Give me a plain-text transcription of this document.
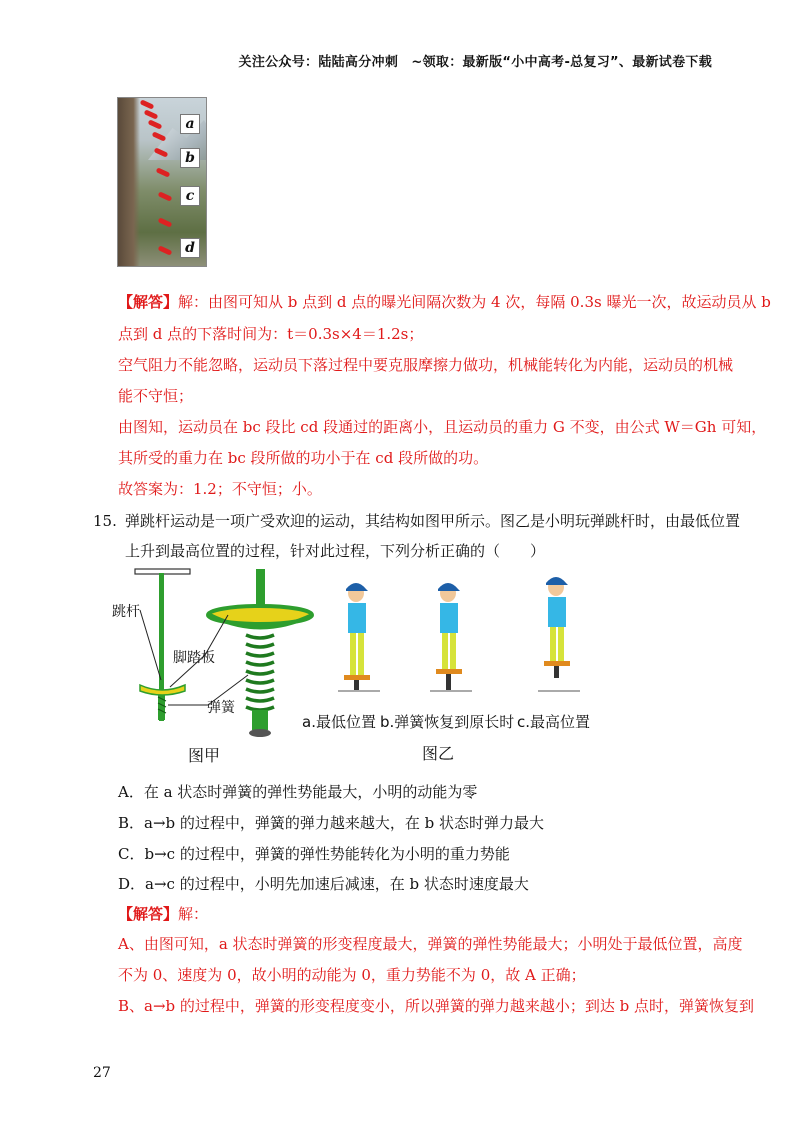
关注公众号：陆陆高分冲刺　~领取：最新版“小中高考-总复习”、最新试卷下载
a
b
c
d
【解答】解：由图可知从 b 点到 d 点的曝光间隔次数为 4 次，每隔 0.3s 曝光一次，故运动员从 b
点到 d 点的下落时间为：t＝0.3s×4＝1.2s；
空气阻力不能忽略，运动员下落过程中要克服摩擦力做功，机械能转化为内能，运动员的机械
能不守恒；
由图知，运动员在 bc 段比 cd 段通过的距离小，且运动员的重力 G 不变，由公式 W＝Gh 可知，
其所受的重力在 bc 段所做的功小于在 cd 段所做的功。
故答案为：1.2；不守恒；小。
15. 弹跳杆运动是一项广受欢迎的运动，其结构如图甲所示。图乙是小明玩弹跳杆时，由最低位置
上升到最高位置的过程，针对此过程，下列分析正确的（　　）
跳杆
脚踏板
弹簧
图甲
a.最低位置 b.弹簧恢复到原长时 c.最高位置
图乙
A．在 a 状态时弹簧的弹性势能最大，小明的动能为零
B．a→b 的过程中，弹簧的弹力越来越大，在 b 状态时弹力最大
C．b→c 的过程中，弹簧的弹性势能转化为小明的重力势能
D．a→c 的过程中，小明先加速后减速，在 b 状态时速度最大
【解答】解：
A、由图可知，a 状态时弹簧的形变程度最大，弹簧的弹性势能最大；小明处于最低位置，高度
不为 0、速度为 0，故小明的动能为 0，重力势能不为 0，故 A 正确；
B、a→b 的过程中，弹簧的形变程度变小，所以弹簧的弹力越来越小；到达 b 点时，弹簧恢复到
27
